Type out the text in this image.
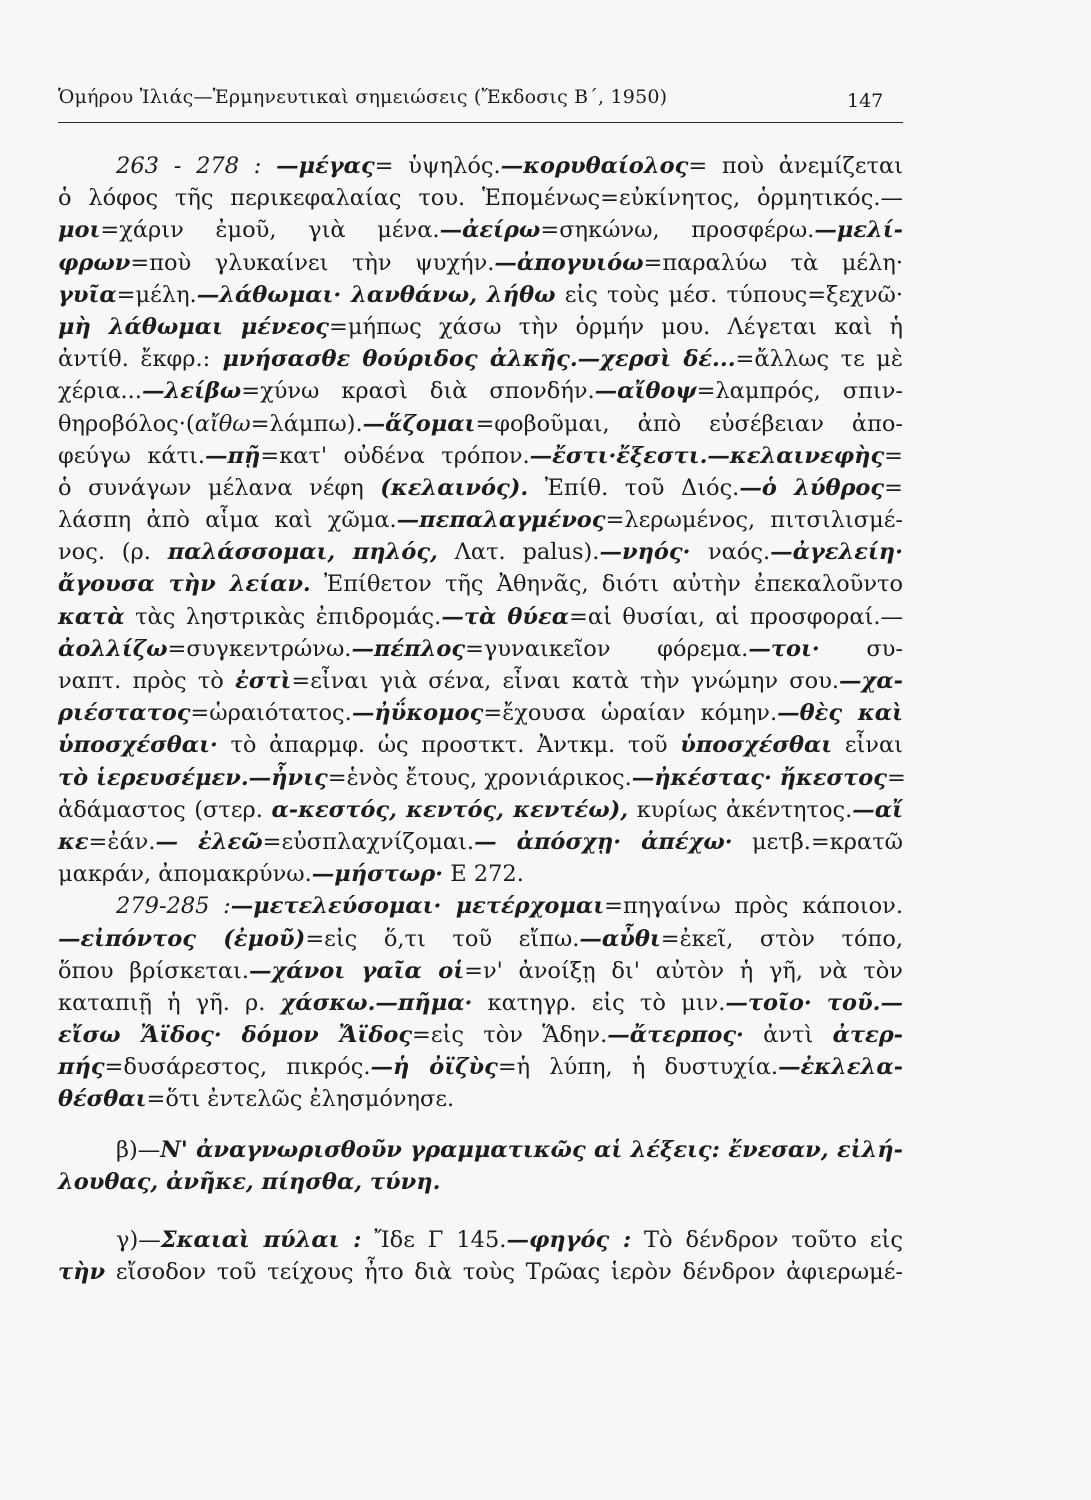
Ὁμήρου Ἰλιάς—Ἑρμηνευτικαὶ σημειώσεις (Ἔκδοσις Β΄, 1950)	147
263 - 278 : —μέγας= ὑψηλός.—κορυθαίολος= ποὺ ἀνεμίζεται
ὁ λόφος τῆς περικεφαλαίας του. Ἑπομένως=εὐκίνητος, ὁρμητικός.—
μοι=χάριν ἐμοῦ, γιὰ μένα.—ἀείρω=σηκώνω, προσφέρω.—μελί-
φρων=ποὺ γλυκαίνει τὴν ψυχήν.—ἀπογυιόω=παραλύω τὰ μέλη·
γυῖα=μέλη.—λάθωμαι· λανθάνω, λήθω εἰς τοὺς μέσ. τύπους=ξεχνῶ·
μὴ λάθωμαι μένεος=μήπως χάσω τὴν ὁρμήν μου. Λέγεται καὶ ἡ
ἀντίθ. ἔκφρ.: μνήσασθε θούριδος ἀλκῆς.—χερσὶ δέ...=ἄλλως τε μὲ
χέρια...—λείβω=χύνω κρασὶ διὰ σπονδήν.—αἴθοψ=λαμπρός, σπιν-
θηροβόλος·(αἴθω=λάμπω).—ἅζομαι=φοβοῦμαι, ἀπὸ εὐσέβειαν ἀπο-
φεύγω κάτι.—πῇ=κατ' οὐδένα τρόπον.—ἔστι·ἔξεστι.—κελαινεφὴς=
ὁ συνάγων μέλανα νέφη (κελαινός). Ἐπίθ. τοῦ Διός.—ὁ λύθρος=
λάσπη ἀπὸ αἷμα καὶ χῶμα.—πεπαλαγμένος=λερωμένος, πιτσιλισμέ-
νος. (ρ. παλάσσομαι, πηλός, Λατ. palus).—νηός· ναός.—ἀγελείη·
ἄγουσα τὴν λείαν. Ἐπίθετον τῆς Ἀθηνᾶς, διότι αὐτὴν ἐπεκαλοῦντο
κατὰ τὰς ληστρικὰς ἐπιδρομάς.—τὰ θύεα=αἱ θυσίαι, αἱ προσφοραί.—
ἀολλίζω=συγκεντρώνω.—πέπλος=γυναικεῖον φόρεμα.—τοι· συ-
ναπτ. πρὸς τὸ ἐστὶ=εἶναι γιὰ σένα, εἶναι κατὰ τὴν γνώμην σου.—χα-
ριέστατος=ὡραιότατος.—ἠΰκομος=ἔχουσα ὡραίαν κόμην.—θὲς καὶ
ὑποσχέσθαι· τὸ ἀπαρμφ. ὡς προστκτ. Ἀντκμ. τοῦ ὑποσχέσθαι εἶναι
τὸ ἱερευσέμεν.—ἦνις=ἑνὸς ἔτους, χρονιάρικος.—ἠκέστας· ἤκεστος=
ἀδάμαστος (στερ. α-κεστός, κεντός, κεντέω), κυρίως ἀκέντητος.—αἴ
κε=ἐάν.— ἐλεῶ=εὐσπλαχνίζομαι.— ἀπόσχῃ· ἀπέχω· μετβ.=κρατῶ
μακράν, ἀπομακρύνω.—μήστωρ· Ε 272.
279-285 :—μετελεύσομαι· μετέρχομαι=πηγαίνω πρὸς κάποιον.
—εἰπόντος (ἐμοῦ)=εἰς ὅ,τι τοῦ εἴπω.—αὖθι=ἐκεῖ, στὸν τόπο,
ὅπου βρίσκεται.—χάνοι γαῖα οἱ=ν' ἀνοίξῃ δι' αὐτὸν ἡ γῆ, νὰ τὸν
καταπιῇ ἡ γῆ. ρ. χάσκω.—πῆμα· κατηγρ. εἰς τὸ μιν.—τοῖο· τοῦ.—
εἴσω Ἄϊδος· δόμον Ἄϊδος=εἰς τὸν Ἅδην.—ἄτερπος· ἀντὶ ἀτερ-
πής=δυσάρεστος, πικρός.—ἡ ὀϊζὺς=ἡ λύπη, ἡ δυστυχία.—ἐκλελα-
θέσθαι=ὅτι ἐντελῶς ἐλησμόνησε.
β)—Ν' ἀναγνωρισθοῦν γραμματικῶς αἱ λέξεις: ἔνεσαν, εἰλή-
λουθας, ἀνῆκε, πίησθα, τύνη.
γ)—Σκαιαὶ πύλαι : Ἴδε Γ 145.—φηγός : Τὸ δένδρον τοῦτο εἰς
τὴν εἴσοδον τοῦ τείχους ἦτο διὰ τοὺς Τρῶας ἱερὸν δένδρον ἀφιερωμέ-
